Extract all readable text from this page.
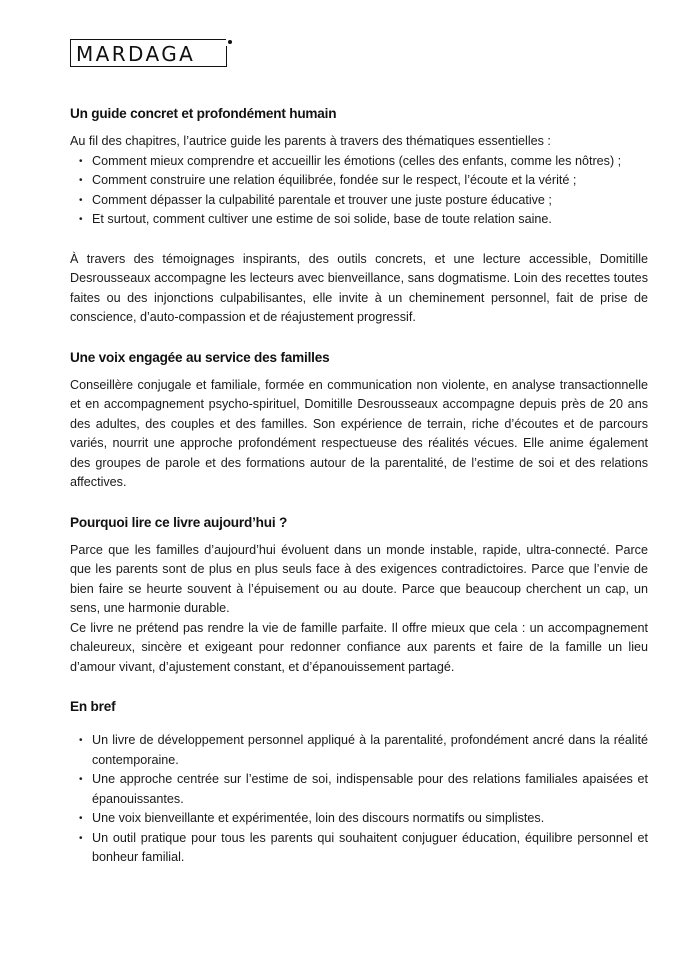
MARDAGA
Un guide concret et profondément humain

Au fil des chapitres, l’autrice guide les parents à travers des thématiques essentielles :

• Comment mieux comprendre et accueillir les émotions (celles des enfants, comme les nôtres) ;
• Comment construire une relation équilibrée, fondée sur le respect, l’écoute et la vérité ;
• Comment dépasser la culpabilité parentale et trouver une juste posture éducative ;
• Et surtout, comment cultiver une estime de soi solide, base de toute relation saine.

À travers des témoignages inspirants, des outils concrets, et une lecture accessible, Domitille Desrousseaux accompagne les lecteurs avec bienveillance, sans dogmatisme. Loin des recettes toutes faites ou des injonctions culpabilisantes, elle invite à un cheminement personnel, fait de prise de conscience, d’auto-compassion et de réajustement progressif.

Une voix engagée au service des familles

Conseillère conjugale et familiale, formée en communication non violente, en analyse transactionnelle et en accompagnement psycho-spirituel, Domitille Desrousseaux accompagne depuis près de 20 ans des adultes, des couples et des familles. Son expérience de terrain, riche d’écoutes et de parcours variés, nourrit une approche profondément respectueuse des réalités vécues. Elle anime également des groupes de parole et des formations autour de la parentalité, de l’estime de soi et des relations affectives.

Pourquoi lire ce livre aujourd’hui ?

Parce que les familles d’aujourd’hui évoluent dans un monde instable, rapide, ultra-connecté. Parce que les parents sont de plus en plus seuls face à des exigences contradictoires. Parce que l’envie de bien faire se heurte souvent à l’épuisement ou au doute. Parce que beaucoup cherchent un cap, un sens, une harmonie durable.

Ce livre ne prétend pas rendre la vie de famille parfaite. Il offre mieux que cela : un accompagnement chaleureux, sincère et exigeant pour redonner confiance aux parents et faire de la famille un lieu d’amour vivant, d’ajustement constant, et d’épanouissement partagé.

En bref
• Un livre de développement personnel appliqué à la parentalité, profondément ancré dans la réalité contemporaine.
• Une approche centrée sur l’estime de soi, indispensable pour des relations familiales apaisées et épanouissantes.
• Une voix bienveillante et expérimentée, loin des discours normatifs ou simplistes.
• Un outil pratique pour tous les parents qui souhaitent conjuguer éducation, équilibre personnel et bonheur familial.
